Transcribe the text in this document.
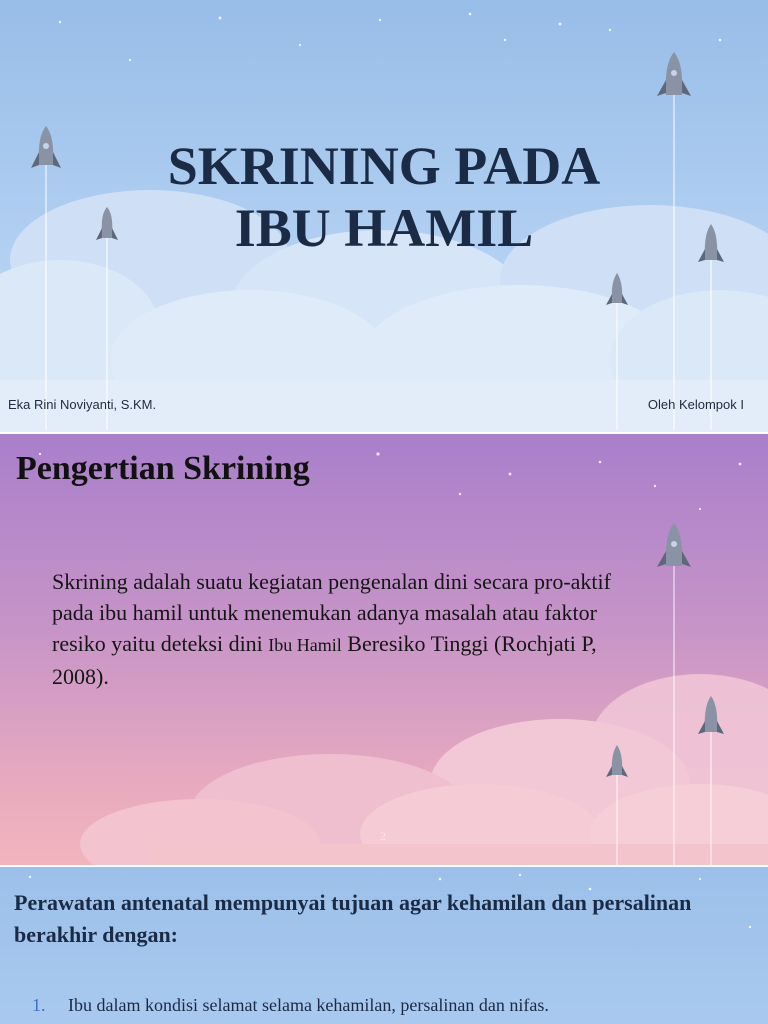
SKRINING PADA
IBU HAMIL
Eka Rini Noviyanti, S.KM.	Oleh Kelompok I
Pengertian Skrining
Skrining adalah suatu kegiatan pengenalan dini secara pro-aktif pada ibu hamil untuk menemukan adanya masalah atau faktor resiko yaitu deteksi dini Ibu Hamil Beresiko Tinggi (Rochjati P, 2008).
2
Perawatan antenatal mempunyai tujuan agar kehamilan dan persalinan berakhir dengan:
1. Ibu dalam kondisi selamat selama kehamilan, persalinan dan nifas.
